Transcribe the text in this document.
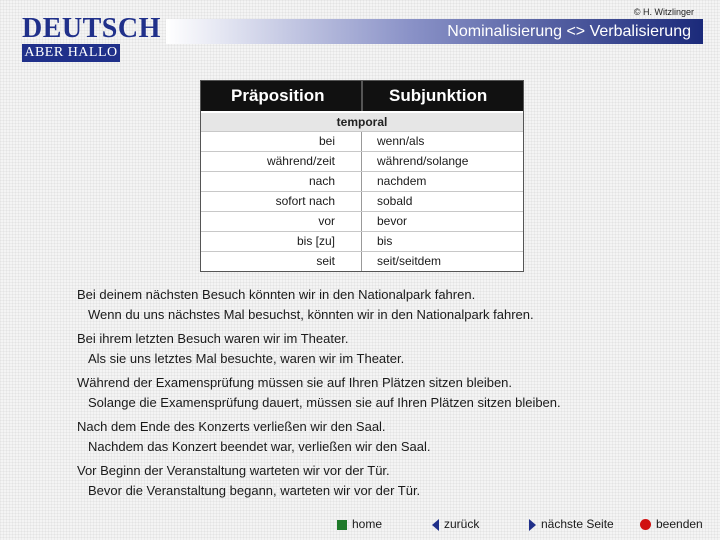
© H. Witzlinger
DEUTSCH
ABER HALLO
Nominalisierung <> Verbalisierung
Präposition	Subjunktion
temporal
bei	wenn/als
während/zeit	während/solange
nach	nachdem
sofort nach	sobald
vor	bevor
bis [zu]	bis
seit	seit/seitdem
Bei deinem nächsten Besuch könnten wir in den Nationalpark fahren.
Wenn du uns nächstes Mal besuchst, könnten wir in den Nationalpark fahren.
Bei ihrem letzten Besuch waren wir im Theater.
Als sie uns letztes Mal besuchte, waren wir im Theater.
Während der Examensprüfung müssen sie auf Ihren Plätzen sitzen bleiben.
Solange die Examensprüfung dauert, müssen sie auf Ihren Plätzen sitzen bleiben.
Nach dem Ende des Konzerts verließen wir den Saal.
Nachdem das Konzert beendet war, verließen wir den Saal.
Vor Beginn der Veranstaltung warteten wir vor der Tür.
Bevor die Veranstaltung begann, warteten wir vor der Tür.
home	zurück	nächste Seite	beenden
